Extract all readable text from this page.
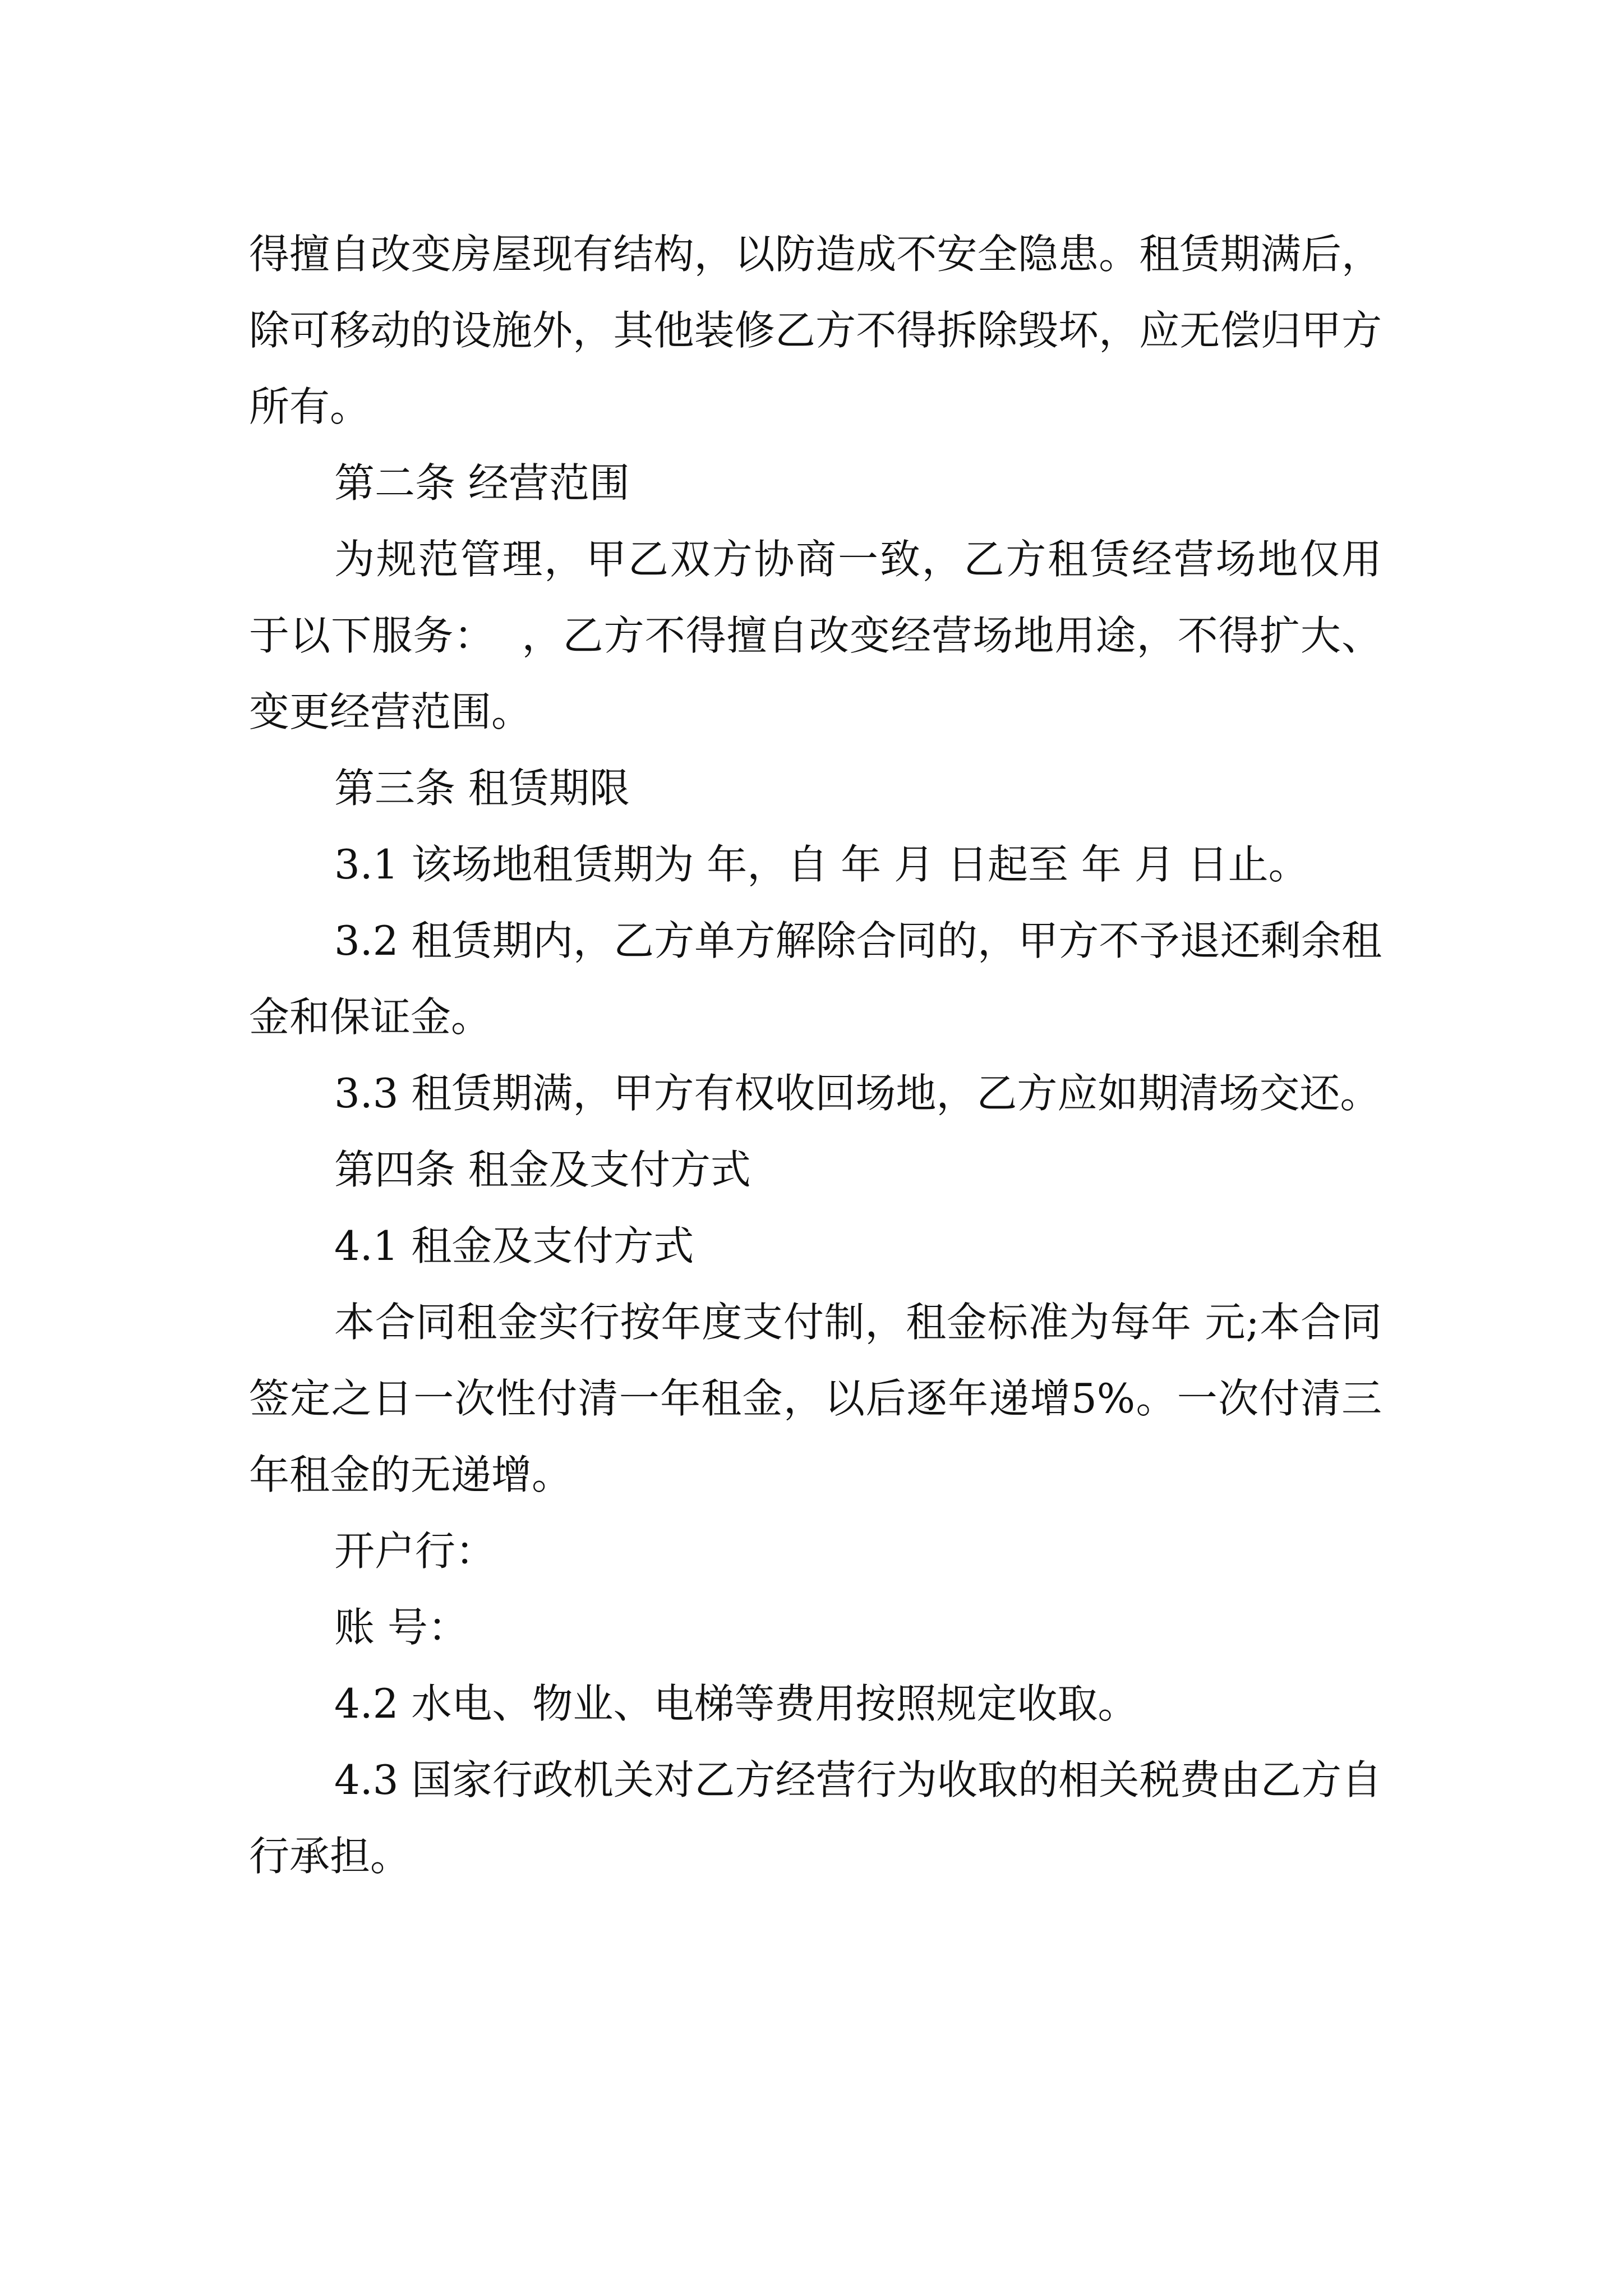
得擅自改变房屋现有结构，以防造成不安全隐患。租赁期满后，除可移动的设施外，其他装修乙方不得拆除毁坏，应无偿归甲方所有。

第二条 经营范围

为规范管理，甲乙双方协商一致，乙方租赁经营场地仅用于以下服务：  ，乙方不得擅自改变经营场地用途，不得扩大、变更经营范围。

第三条 租赁期限

3.1 该场地租赁期为 年，自 年 月 日起至 年 月 日止。

3.2 租赁期内，乙方单方解除合同的，甲方不予退还剩余租金和保证金。

3.3 租赁期满，甲方有权收回场地，乙方应如期清场交还。

第四条 租金及支付方式

4.1 租金及支付方式

本合同租金实行按年度支付制，租金标准为每年 元;本合同签定之日一次性付清一年租金，以后逐年递增5%。一次付清三年租金的无递增。

开户行：

账 号：

4.2 水电、物业、电梯等费用按照规定收取。

4.3 国家行政机关对乙方经营行为收取的相关税费由乙方自行承担。
